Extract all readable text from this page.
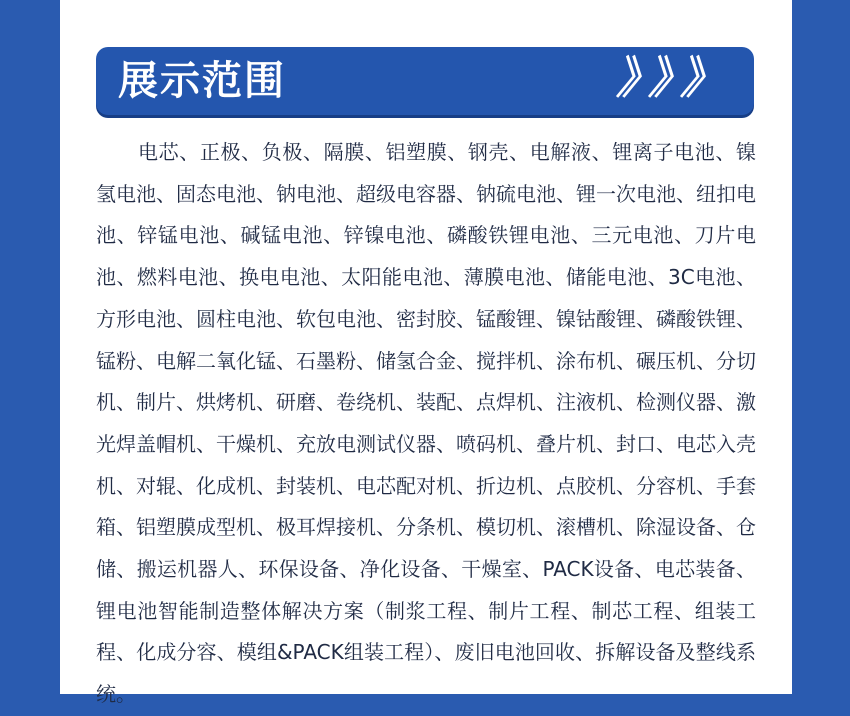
展示范围	》》》

电芯、正极、负极、隔膜、铝塑膜、钢壳、电解液、锂离子电池、镍氢电池、固态电池、钠电池、超级电容器、钠硫电池、锂一次电池、纽扣电池、锌锰电池、碱锰电池、锌镍电池、磷酸铁锂电池、三元电池、刀片电池、燃料电池、换电电池、太阳能电池、薄膜电池、储能电池、3C电池、方形电池、圆柱电池、软包电池、密封胶、锰酸锂、镍钴酸锂、磷酸铁锂、锰粉、电解二氧化锰、石墨粉、储氢合金、搅拌机、涂布机、碾压机、分切机、制片、烘烤机、研磨、卷绕机、装配、点焊机、注液机、检测仪器、激光焊盖帽机、干燥机、充放电测试仪器、喷码机、叠片机、封口、电芯入壳机、对辊、化成机、封装机、电芯配对机、折边机、点胶机、分容机、手套箱、铝塑膜成型机、极耳焊接机、分条机、模切机、滚槽机、除湿设备、仓储、搬运机器人、环保设备、净化设备、干燥室、PACK设备、电芯装备、锂电池智能制造整体解决方案（制浆工程、制片工程、制芯工程、组装工程、化成分容、模组&PACK组装工程）、废旧电池回收、拆解设备及整线系统。
